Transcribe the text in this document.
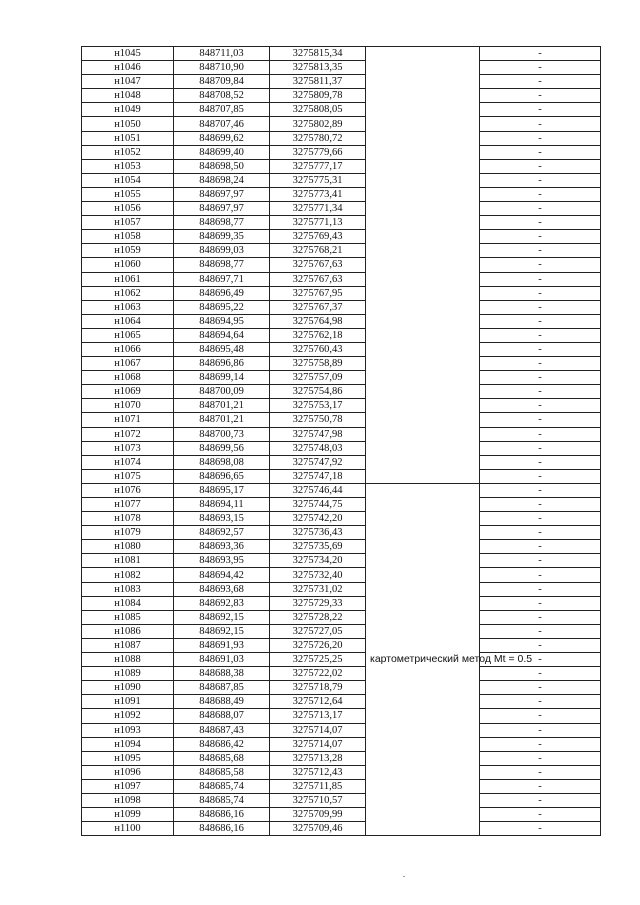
н1045	848711,03	3275815,34		-
н1046	848710,90	3275813,35		-
н1047	848709,84	3275811,37		-
н1048	848708,52	3275809,78		-
н1049	848707,85	3275808,05		-
н1050	848707,46	3275802,89		-
н1051	848699,62	3275780,72		-
н1052	848699,40	3275779,66		-
н1053	848698,50	3275777,17		-
н1054	848698,24	3275775,31		-
н1055	848697,97	3275773,41		-
н1056	848697,97	3275771,34		-
н1057	848698,77	3275771,13		-
н1058	848699,35	3275769,43		-
н1059	848699,03	3275768,21		-
н1060	848698,77	3275767,63		-
н1061	848697,71	3275767,63		-
н1062	848696,49	3275767,95		-
н1063	848695,22	3275767,37		-
н1064	848694,95	3275764,98		-
н1065	848694,64	3275762,18		-
н1066	848695,48	3275760,43		-
н1067	848696,86	3275758,89		-
н1068	848699,14	3275757,09		-
н1069	848700,09	3275754,86		-
н1070	848701,21	3275753,17		-
н1071	848701,21	3275750,78		-
н1072	848700,73	3275747,98		-
н1073	848699,56	3275748,03		-
н1074	848698,08	3275747,92		-
н1075	848696,65	3275747,18		-
н1076	848695,17	3275746,44	картометрический метод Mt = 0.5	-
н1077	848694,11	3275744,75		-
н1078	848693,15	3275742,20		-
н1079	848692,57	3275736,43		-
н1080	848693,36	3275735,69		-
н1081	848693,95	3275734,20		-
н1082	848694,42	3275732,40		-
н1083	848693,68	3275731,02		-
н1084	848692,83	3275729,33		-
н1085	848692,15	3275728,22		-
н1086	848692,15	3275727,05		-
н1087	848691,93	3275726,20		-
н1088	848691,03	3275725,25		-
н1089	848688,38	3275722,02		-
н1090	848687,85	3275718,79		-
н1091	848688,49	3275712,64		-
н1092	848688,07	3275713,17		-
н1093	848687,43	3275714,07		-
н1094	848686,42	3275714,07		-
н1095	848685,68	3275713,28		-
н1096	848685,58	3275712,43		-
н1097	848685,74	3275711,85		-
н1098	848685,74	3275710,57		-
н1099	848686,16	3275709,99		-
н1100	848686,16	3275709,46		-
